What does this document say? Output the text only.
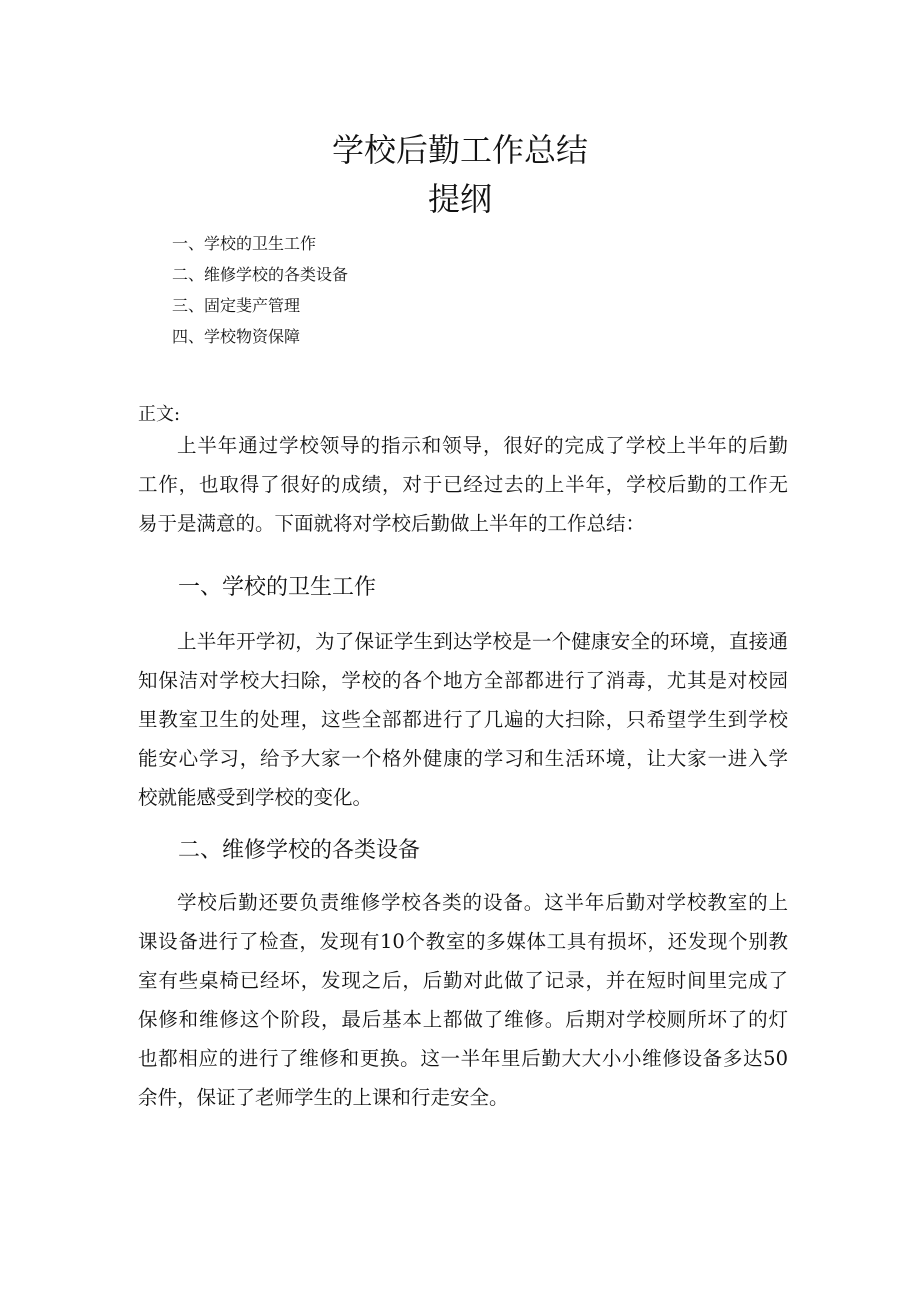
学校后勤工作总结
提纲
一、学校的卫生工作
二、维修学校的各类设备
三、固定斐产管理
四、学校物资保障
正文:
上半年通过学校领导的指示和领导，很好的完成了学校上半年的后勤
工作，也取得了很好的成绩，对于已经过去的上半年，学校后勤的工作无
易于是满意的。下面就将对学校后勤做上半年的工作总结：
一、学校的卫生工作
上半年开学初，为了保证学生到达学校是一个健康安全的环境，直接通
知保洁对学校大扫除，学校的各个地方全部都进行了消毒，尤其是对校园
里教室卫生的处理，这些全部都进行了几遍的大扫除，只希望学生到学校
能安心学习，给予大家一个格外健康的学习和生活环境，让大家一进入学
校就能感受到学校的变化。
二、维修学校的各类设备
学校后勤还要负责维修学校各类的设备。这半年后勤对学校教室的上
课设备进行了检查，发现有10个教室的多媒体工具有损坏，还发现个别教
室有些桌椅已经坏，发现之后，后勤对此做了记录，并在短时间里完成了
保修和维修这个阶段，最后基本上都做了维修。后期对学校厕所坏了的灯
也都相应的进行了维修和更换。这一半年里后勤大大小小维修设备多达50
余件，保证了老师学生的上课和行走安全。
